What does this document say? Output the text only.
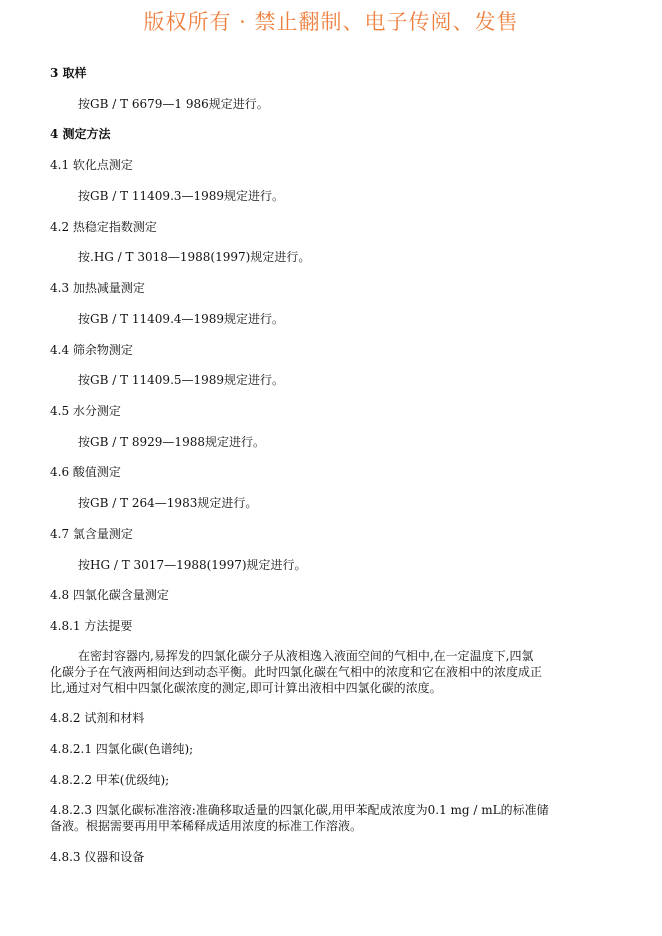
版权所有 · 禁止翻制、电子传阅、发售
3 取样
按GB / T 6679—1 986规定进行。
4 测定方法
4.1 软化点测定
按GB / T 11409.3—1989规定进行。
4.2 热稳定指数测定
按.HG / T 3018—1988(1997)规定进行。
4.3 加热减量测定
按GB / T 11409.4—1989规定进行。
4.4 筛余物测定
按GB / T 11409.5—1989规定进行。
4.5 水分测定
按GB / T 8929—1988规定进行。
4.6 酸值测定
按GB / T 264—1983规定进行。
4.7 氯含量测定
按HG / T 3017—1988(1997)规定进行。
4.8 四氯化碳含量测定
4.8.1 方法提要
在密封容器内,易挥发的四氯化碳分子从液相逸入液面空间的气相中,在一定温度下,四氯
化碳分子在气液两相间达到动态平衡。此时四氯化碳在气相中的浓度和它在液相中的浓度成正
比,通过对气相中四氯化碳浓度的测定,即可计算出液相中四氯化碳的浓度。
4.8.2 试剂和材料
4.8.2.1 四氯化碳(色谱纯);
4.8.2.2 甲苯(优级纯);
4.8.2.3 四氯化碳标准溶液:准确移取适量的四氯化碳,用甲苯配成浓度为0.1 mg / mL的标准储
备液。根据需要再用甲苯稀释成适用浓度的标准工作溶液。
4.8.3 仪器和设备
